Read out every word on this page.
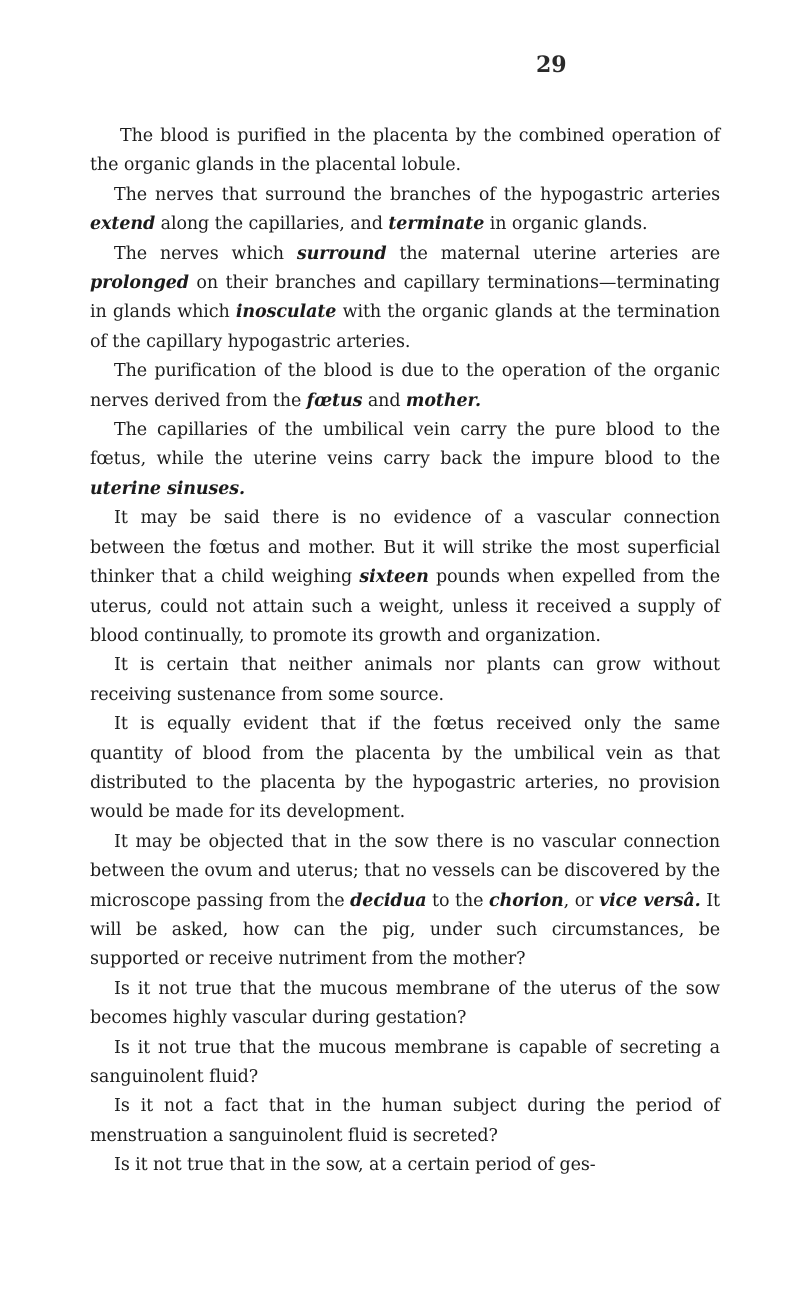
29

The blood is purified in the placenta by the combined operation of the organic glands in the placental lobule.

The nerves that surround the branches of the hypogastric arteries extend along the capillaries, and terminate in organic glands.

The nerves which surround the maternal uterine arteries are prolonged on their branches and capillary terminations—terminating in glands which inosculate with the organic glands at the termination of the capillary hypogastric arteries.

The purification of the blood is due to the operation of the organic nerves derived from the fœtus and mother.

The capillaries of the umbilical vein carry the pure blood to the fœtus, while the uterine veins carry back the impure blood to the uterine sinuses.

It may be said there is no evidence of a vascular connection between the fœtus and mother. But it will strike the most superficial thinker that a child weighing sixteen pounds when expelled from the uterus, could not attain such a weight, unless it received a supply of blood continually, to promote its growth and organization.

It is certain that neither animals nor plants can grow without receiving sustenance from some source.

It is equally evident that if the fœtus received only the same quantity of blood from the placenta by the umbilical vein as that distributed to the placenta by the hypogastric arteries, no provision would be made for its development.

It may be objected that in the sow there is no vascular connection between the ovum and uterus; that no vessels can be discovered by the microscope passing from the decidua to the chorion, or vice versâ. It will be asked, how can the pig, under such circumstances, be supported or receive nutriment from the mother?

Is it not true that the mucous membrane of the uterus of the sow becomes highly vascular during gestation?

Is it not true that the mucous membrane is capable of secreting a sanguinolent fluid?

Is it not a fact that in the human subject during the period of menstruation a sanguinolent fluid is secreted?

Is it not true that in the sow, at a certain period of ges-
